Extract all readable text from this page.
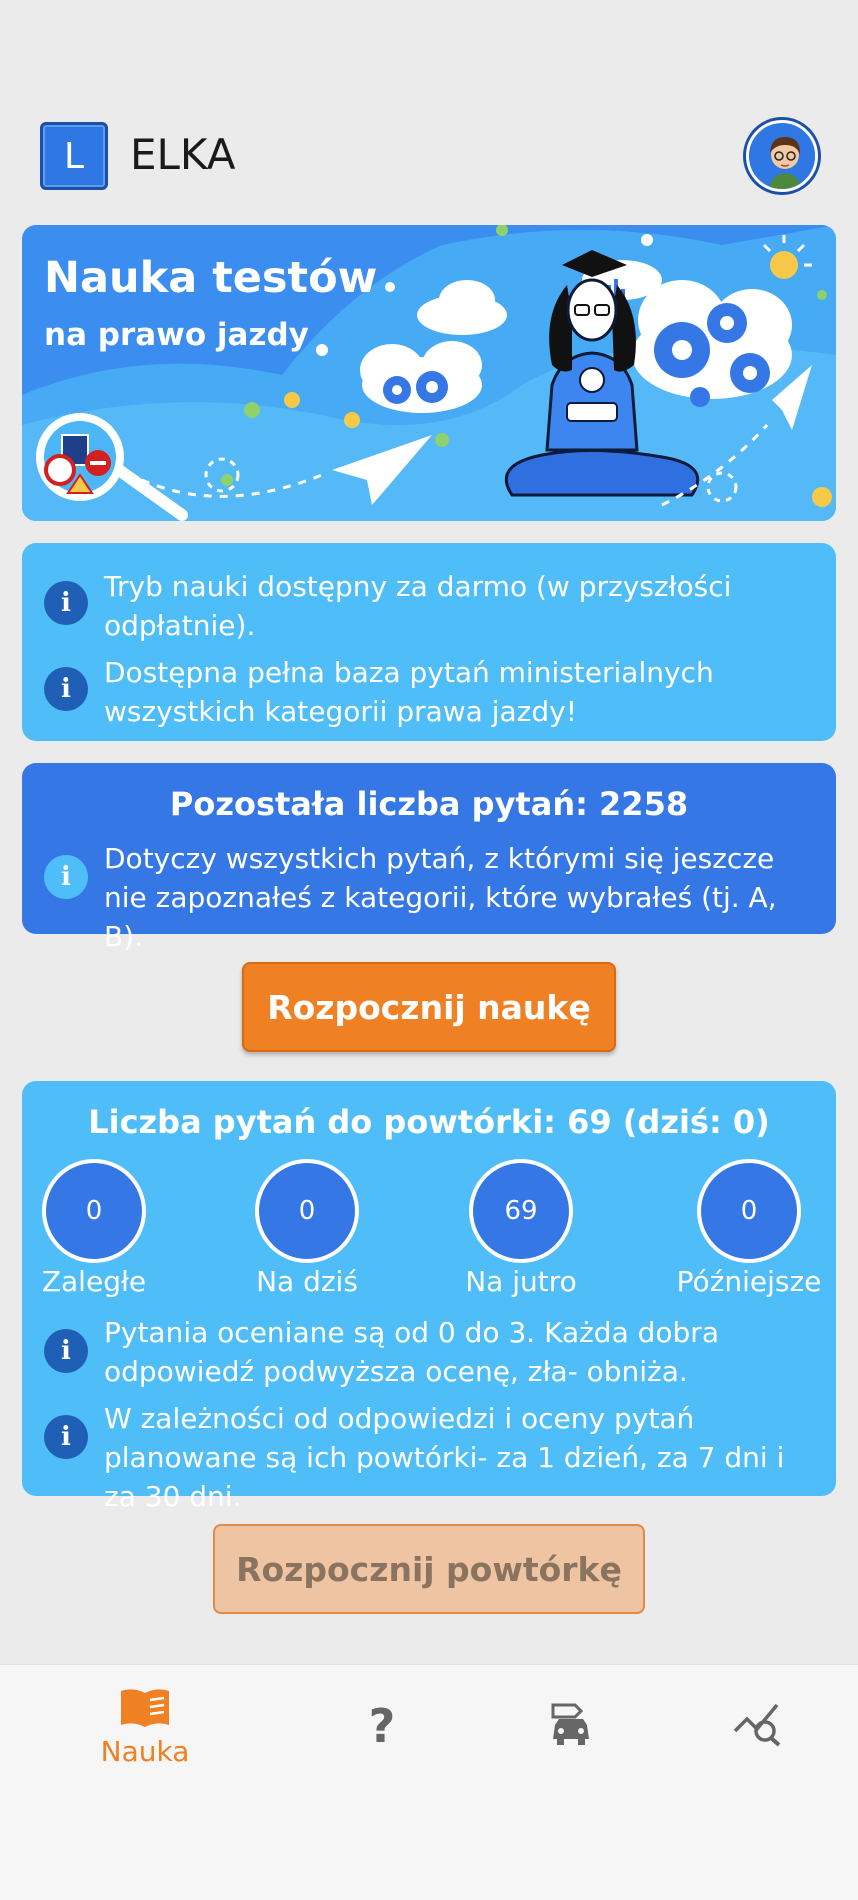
L	ELKA
Nauka testów
na prawo jazdy
i	Tryb nauki dostępny za darmo (w przyszłości odpłatnie).
i	Dostępna pełna baza pytań ministerialnych wszystkich kategorii prawa jazdy!
Pozostała liczba pytań: 2258
i
Dotyczy wszystkich pytań, z którymi się jeszcze nie zapoznałeś z kategorii, które wybrałeś (tj. A, B).
Rozpocznij naukę
Liczba pytań do powtórki: 69 (dziś: 0)
0
Zaległe
0
Na dziś
69
Na jutro
0
Późniejsze
i
Pytania oceniane są od 0 do 3. Każda dobra odpowiedź podwyższa ocenę, zła- obniża.
i
W zależności od odpowiedzi i oceny pytań planowane są ich powtórki- za 1 dzień, za 7 dni i za 30 dni.
Rozpocznij powtórkę
Nauka	?
